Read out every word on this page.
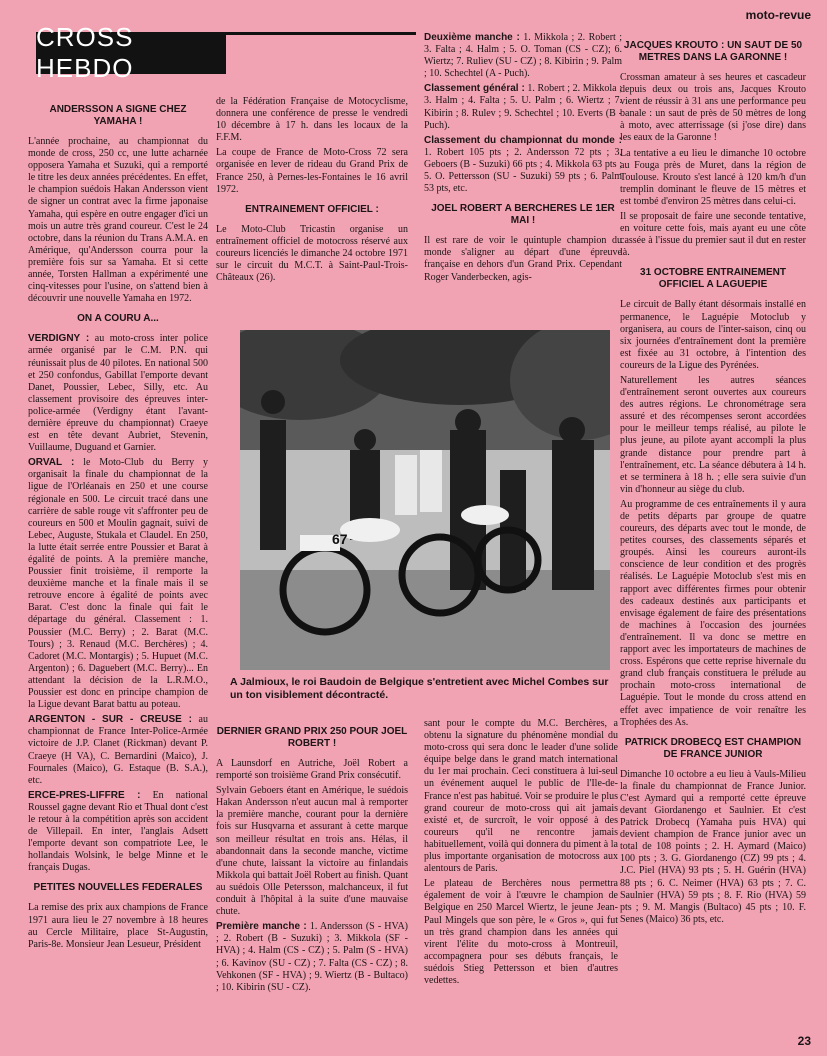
moto-revue
CROSS HEBDO
ANDERSSON A SIGNE CHEZ YAMAHA !

L'année prochaine, au championnat du monde de cross, 250 cc, une lutte acharnée opposera Yamaha et Suzuki, qui a remporté le titre les deux années précédentes. En effet, le champion suédois Hakan Andersson vient de signer un contrat avec la firme japonaise Yamaha, qui espère en outre engager d'ici un mois un autre très grand coureur. C'est le 24 octobre, dans la réunion du Trans A.M.A. en Amérique, qu'Andersson courra pour la première fois sur sa Yamaha. Et si cette année, Torsten Hallman a expérimenté une cinq-vitesses pour l'usine, on s'attend bien à découvrir une nouvelle Yamaha en 1972.

ON A COURU A...

VERDIGNY : au moto-cross inter police armée organisé par le C.M. P.N. qui réunissait plus de 40 pilotes. En national 500 et 250 confondus, Gabillat l'emporte devant Danet, Poussier, Lebec, Silly, etc. Au classement provisoire des épreuves inter-police-armée (Verdigny étant l'avant-dernière épreuve du championnat) Craeye est en tête devant Aubriet, Stevenin, Vuillaume, Duguand et Garnier.

ORVAL : le Moto-Club du Berry y organisait la finale du championnat de la ligue de l'Orléanais en 250 et une course régionale en 500. Le circuit tracé dans une carrière de sable rouge vit s'affronter peu de coureurs en 500 et Moulin gagnait, suivi de Lebec, Auguste, Stukala et Claudel. En 250, la lutte était serrée entre Poussier et Barat à égalité de points. A la première manche, Poussier finit troisième, il remporte la deuxième manche et la finale mais il se retrouve encore à égalité de points avec Barat. C'est donc la finale qui fait le départage du général. Classement : 1. Poussier (M.C. Berry) ; 2. Barat (M.C. Tours) ; 3. Renaud (M.C. Berchères) ; 4. Cadoret (M.C. Montargis) ; 5. Hupuet (M.C. Argenton) ; 6. Daguebert (M.C. Berry)... En attendant la décision de la L.R.M.O., Poussier est donc en principe champion de la Ligue devant Barat battu au poteau.

ARGENTON - SUR - CREUSE : au championnat de France Inter-Police-Armée victoire de J.P. Clanet (Rickman) devant P. Craeye (H VA), C. Bernardini (Maico), J. Fournales (Maico), G. Estaque (B. S.A.), etc.

ERCE-PRES-LIFFRE : En national Roussel gagne devant Rio et Thual dont c'est le retour à la compétition après son accident de Villepail. En inter, l'anglais Adsett l'emporte devant son compatriote Lee, le hollandais Wolsink, le belge Minne et le français Dugas.

PETITES NOUVELLES FEDERALES

La remise des prix aux champions de France 1971 aura lieu le 27 novembre à 18 heures au Cercle Militaire, place St-Augustin, Paris-8e. Monsieur Jean Lesueur, Président

de la Fédération Française de Motocyclisme, donnera une conférence de presse le vendredi 10 décembre à 17 h. dans les locaux de la F.F.M.

La coupe de France de Moto-Cross 72 sera organisée en lever de rideau du Grand Prix de France 250, à Pernes-les-Fontaines le 16 avril 1972.

ENTRAINEMENT OFFICIEL :

Le Moto-Club Tricastin organise un entraînement officiel de motocross réservé aux coureurs licenciés le dimanche 24 octobre 1971 sur le circuit du M.C.T. à Saint-Paul-Trois-Châteaux (26).

Deuxième manche : 1. Mikkola ; 2. Robert ; 3. Falta ; 4. Halm ; 5. O. Toman (CS - CZ); 6. Wiertz; 7. Rulìev (SU - CZ) ; 8. Kibirin ; 9. Palm ; 10. Schechtel (A - Puch).

Classement général : 1. Robert ; 2. Mikkola ; 3. Halm ; 4. Falta ; 5. U. Palm ; 6. Wiertz ; 7. Kibirin ; 8. Rulev ; 9. Schechtel ; 10. Everts (B - Puch).

Classement du championnat du monde : 1. Robert 105 pts ; 2. Andersson 72 pts ; 3. Geboers (B - Suzuki) 66 pts ; 4. Mikkola 63 pts ; 5. O. Pettersson (SU - Suzuki) 59 pts ; 6. Palm 53 pts, etc.

JOEL ROBERT A BERCHERES LE 1ER MAI !

Il est rare de voir le quintuple champion du monde s'aligner au départ d'une épreuve française en dehors d'un Grand Prix. Cependant Roger Vanderbecken, agis-

JACQUES KROUTO : UN SAUT DE 50 METRES DANS LA GARONNE !

Crossman amateur à ses heures et cascadeur depuis deux ou trois ans, Jacques Krouto vient de réussir à 31 ans une performance peu banale : un saut de près de 50 mètres de long à moto, avec atterrissage (si j'ose dire) dans les eaux de la Garonne !

La tentative a eu lieu le dimanche 10 octobre au Fouga près de Muret, dans la région de Toulouse. Krouto s'est lancé à 120 km/h d'un tremplin dominant le fleuve de 15 mètres et est tombé d'environ 25 mètres dans celui-ci.

Il se proposait de faire une seconde tentative, en voiture cette fois, mais ayant eu une côte cassée à l'issue du premier saut il dut en rester là.

31 OCTOBRE ENTRAINEMENT OFFICIEL A LAGUEPIE

Le circuit de Bally étant désormais installé en permanence, le Laguépie Motoclub y organisera, au cours de l'inter-saison, cinq ou six journées d'entraînement dont la première est fixée au 31 octobre, à l'intention des coureurs de la Ligue des Pyrénées.

Naturellement les autres séances d'entraînement seront ouvertes aux coureurs des autres régions. Le chronométrage sera assuré et des récompenses seront accordées pour le meilleur temps réalisé, au pilote le plus jeune, au pilote ayant accompli la plus grande distance pour prendre part à l'entraînement, etc. La séance débutera à 14 h. et se terminera à 18 h. ; elle sera suivie d'un vin d'honneur au siège du club.

Au programme de ces entraînements il y aura de petits départs par groupe de quatre coureurs, des départs avec tout le monde, de petites courses, des classements séparés et groupés. Ainsi les coureurs auront-ils conscience de leur condition et des progrès réalisés. Le Laguépie Motoclub s'est mis en rapport avec différentes firmes pour obtenir des cadeaux destinés aux participants et envisage également de faire des présentations de machines à l'occasion des journées d'entraînement. Il va donc se mettre en rapport avec les importateurs de machines de cross. Espérons que cette reprise hivernale du grand club français constituera le prélude au prochain moto-cross international de Laguépie. Tout le monde du cross attend en effet avec impatience de voir renaître les Trophées des As.

PATRICK DROBECQ EST CHAMPION DE FRANCE JUNIOR

Dimanche 10 octobre a eu lieu à Vauls-Milieu la finale du championnat de France Junior. C'est Aymard qui a remporté cette épreuve devant Giordanengo et Saulnier. Et c'est Patrick Drobecq (Yamaha puis HVA) qui devient champion de France junior avec un total de 108 points ; 2. H. Aymard (Maico) 100 pts ; 3. G. Giordanengo (CZ) 99 pts ; 4. J.C. Piel (HVA) 93 pts ; 5. H. Guérin (HVA) 88 pts ; 6. C. Neimer (HVA) 63 pts ; 7. C. Saulnier (HVA) 59 pts ; 8. F. Rio (HVA) 59 pts ; 9. M. Mangis (Bultaco) 45 pts ; 10. F. Senes (Maico) 36 pts, etc.

67
A Jalmioux, le roi Baudoin de Belgique s'entretient avec Michel Combes sur un ton visiblement décontracté.
DERNIER GRAND PRIX 250 POUR JOEL ROBERT !

A Launsdorf en Autriche, Joël Robert a remporté son troisième Grand Prix consécutif.

Sylvain Geboers étant en Amérique, le suédois Hakan Andersson n'eut aucun mal à remporter la première manche, courant pour la dernière fois sur Husqvarna et assurant à cette marque son meilleur résultat en trois ans. Hélas, il abandonnait dans la seconde manche, victime d'une chute, laissant la victoire au finlandais Mikkola qui battait Joël Robert au finish. Quant au suédois Olle Petersson, malchanceux, il fut conduit à l'hôpital à la suite d'une mauvaise chute.

Première manche : 1. Andersson (S - HVA) ; 2. Robert (B - Suzuki) ; 3. Mikkola (SF - HVA) ; 4. Halm (CS - CZ) ; 5. Palm (S - HVA) ; 6. Kavinov (SU - CZ) ; 7. Falta (CS - CZ) ; 8. Vehkonen (SF - HVA) ; 9. Wiertz (B - Bultaco) ; 10. Kibirin (SU - CZ).

sant pour le compte du M.C. Berchères, a obtenu la signature du phénomène mondial du moto-cross qui sera donc le leader d'une solide équipe belge dans le grand match international du 1er mai prochain. Ceci constituera à lui-seul un événement auquel le public de l'Ile-de-France n'est pas habitué. Voir se produire le plus grand coureur de moto-cross qui ait jamais existé et, de surcroît, le voir opposé à des coureurs qu'il ne rencontre jamais habituellement, voilà qui donnera du piment à la plus importante organisation de motocross aux alentours de Paris.

Le plateau de Berchères nous permettra également de voir à l'œuvre le champion de Belgique en 250 Marcel Wiertz, le jeune Jean-Paul Mingels que son père, le « Gros », qui fut un très grand champion dans les années qui virent l'élite du moto-cross à Montreuil, accompagnera pour ses débuts français, le suédois Stieg Pettersson et bien d'autres vedettes.

23
